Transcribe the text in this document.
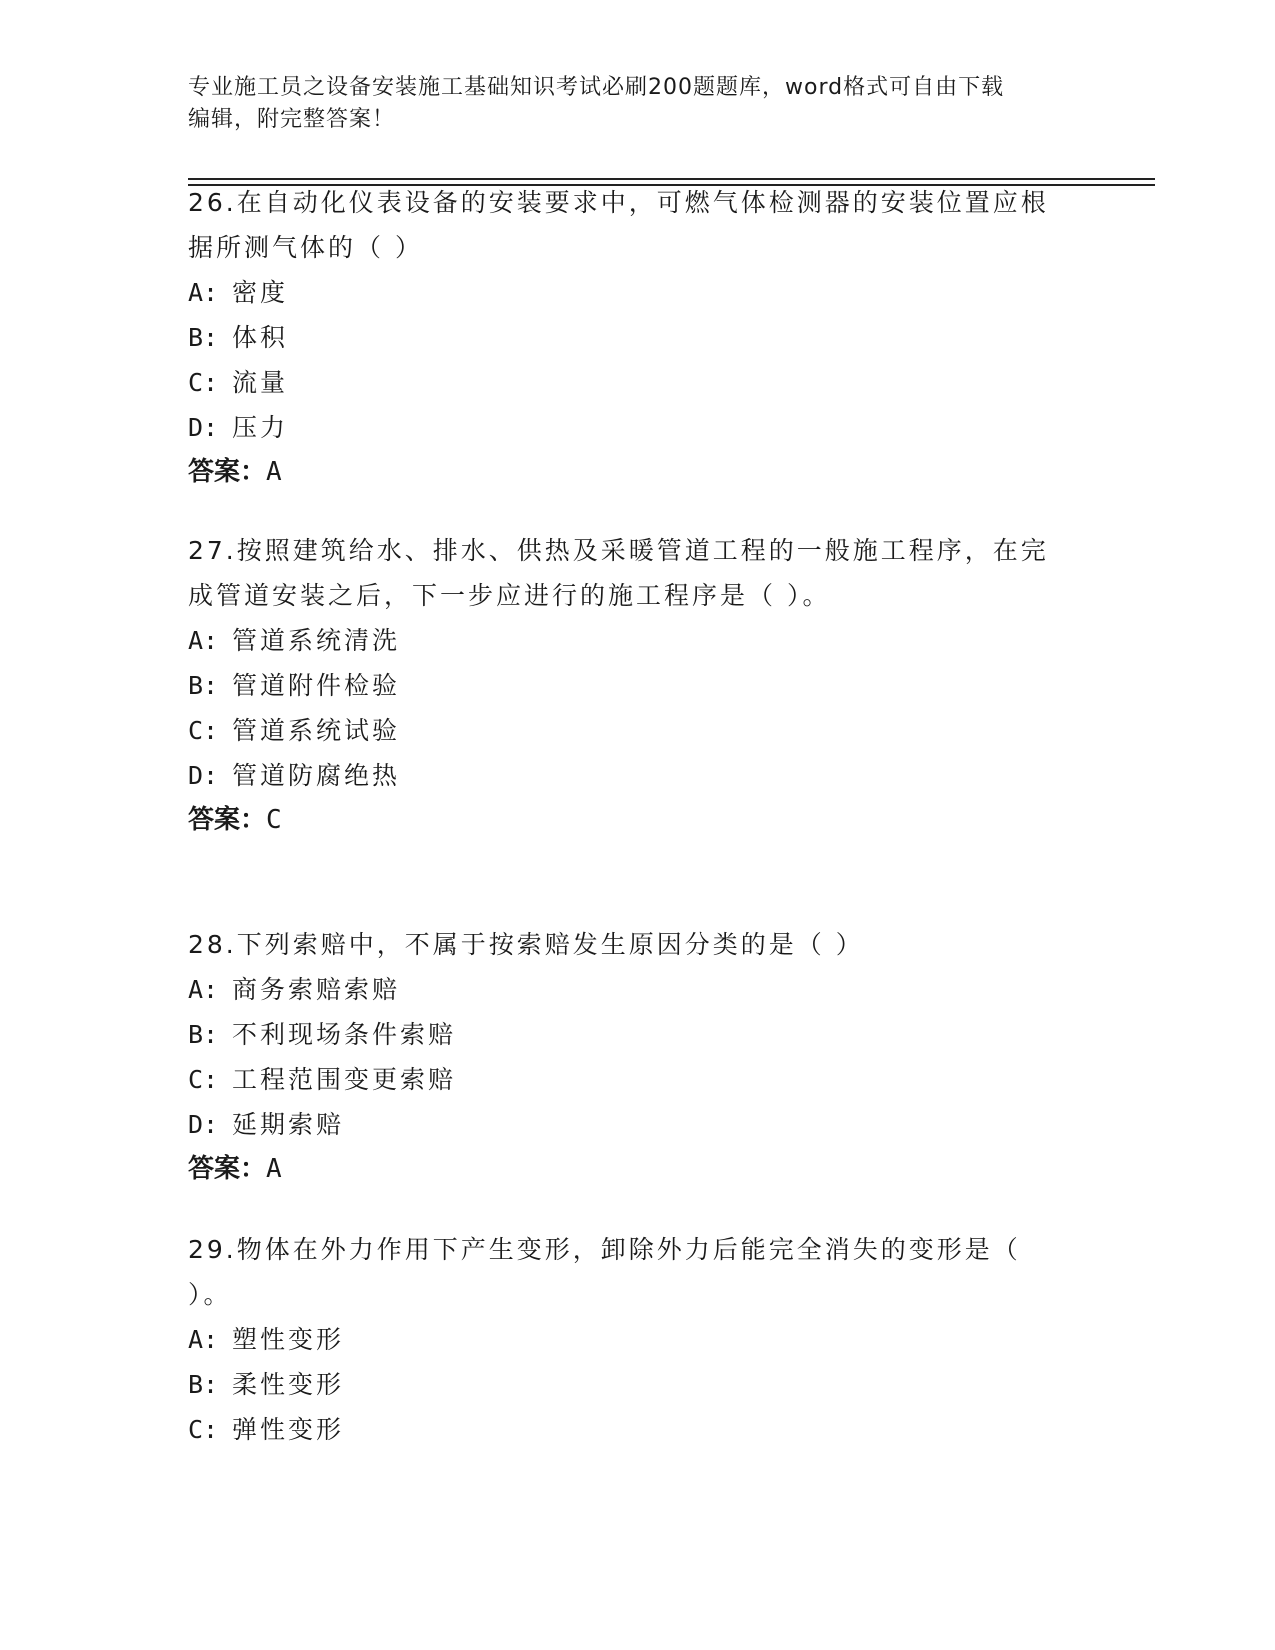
专业施工员之设备安装施工基础知识考试必刷200题题库，word格式可自由下载
编辑，附完整答案！
26.在自动化仪表设备的安装要求中，可燃气体检测器的安装位置应根
据所测气体的（ ）
A: 密度
B: 体积
C: 流量
D: 压力
答案：A
27.按照建筑给水、排水、供热及采暖管道工程的一般施工程序，在完
成管道安装之后，下一步应进行的施工程序是（ ）。
A: 管道系统清洗
B: 管道附件检验
C: 管道系统试验
D: 管道防腐绝热
答案：C
28.下列索赔中，不属于按索赔发生原因分类的是（ ）
A: 商务索赔索赔
B: 不利现场条件索赔
C: 工程范围变更索赔
D: 延期索赔
答案：A
29.物体在外力作用下产生变形，卸除外力后能完全消失的变形是（
）。
A: 塑性变形
B: 柔性变形
C: 弹性变形
